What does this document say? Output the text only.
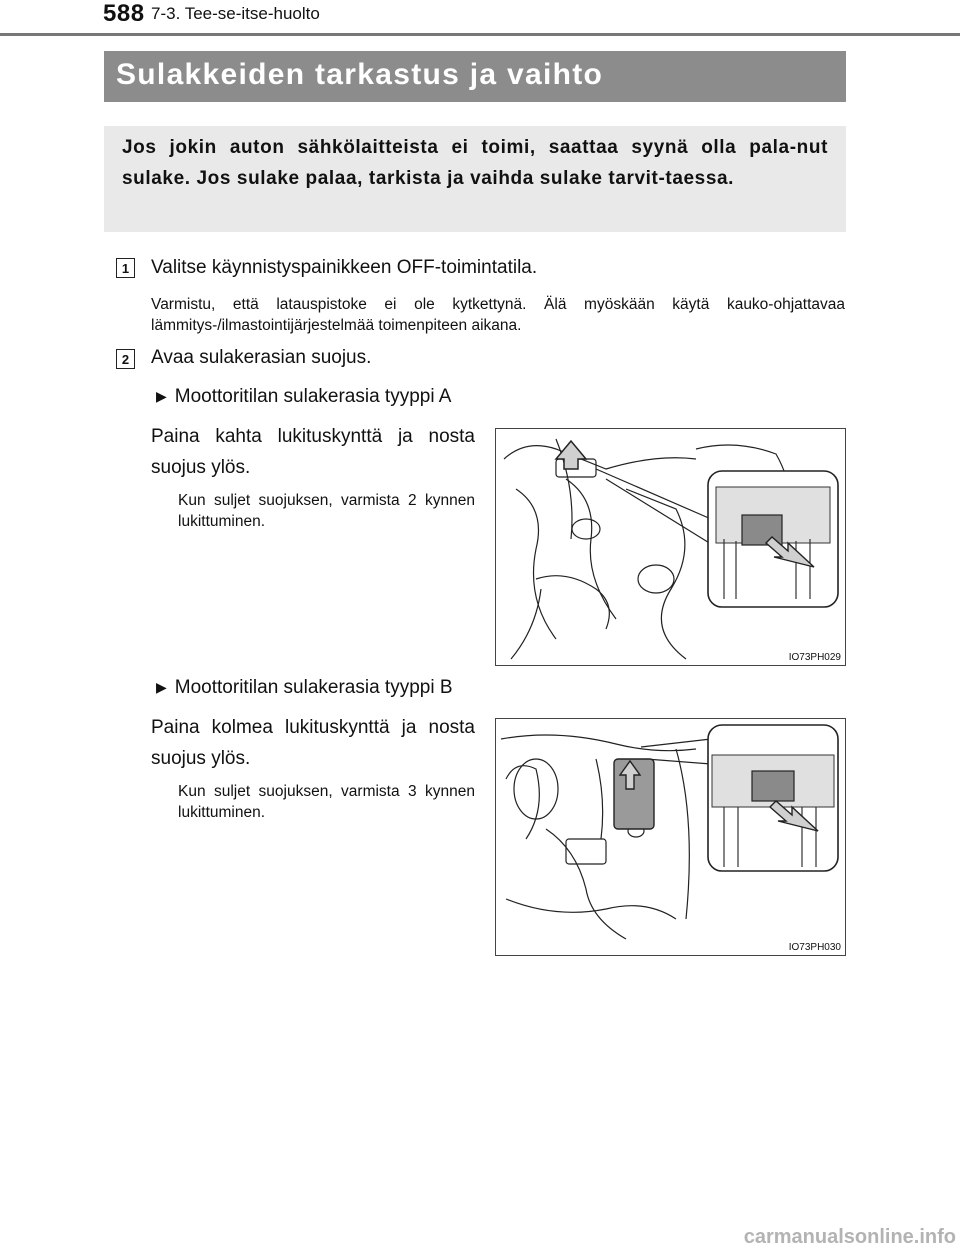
588 7-3. Tee-se-itse-huolto
Sulakkeiden tarkastus ja vaihto

Jos jokin auton sähkölaitteista ei toimi, saattaa syynä olla pala-nut sulake. Jos sulake palaa, tarkista ja vaihda sulake tarvit-taessa.

1	Valitse käynnistyspainikkeen OFF-toimintatila.
Varmistu, että latauspistoke ei ole kytkettynä. Älä myöskään käytä kauko-ohjattavaa lämmitys-/ilmastointijärjestelmää toimenpiteen aikana.
2	Avaa sulakerasian suojus.
▶ Moottoritilan sulakerasia tyyppi A
Paina kahta lukituskynttä ja nosta suojus ylös.
Kun suljet suojuksen, varmista 2 kynnen lukittuminen.
IO73PH029
▶ Moottoritilan sulakerasia tyyppi B
Paina kolmea lukituskynttä ja nosta suojus ylös.
Kun suljet suojuksen, varmista 3 kynnen lukittuminen.
IO73PH030
carmanualsonline.info
